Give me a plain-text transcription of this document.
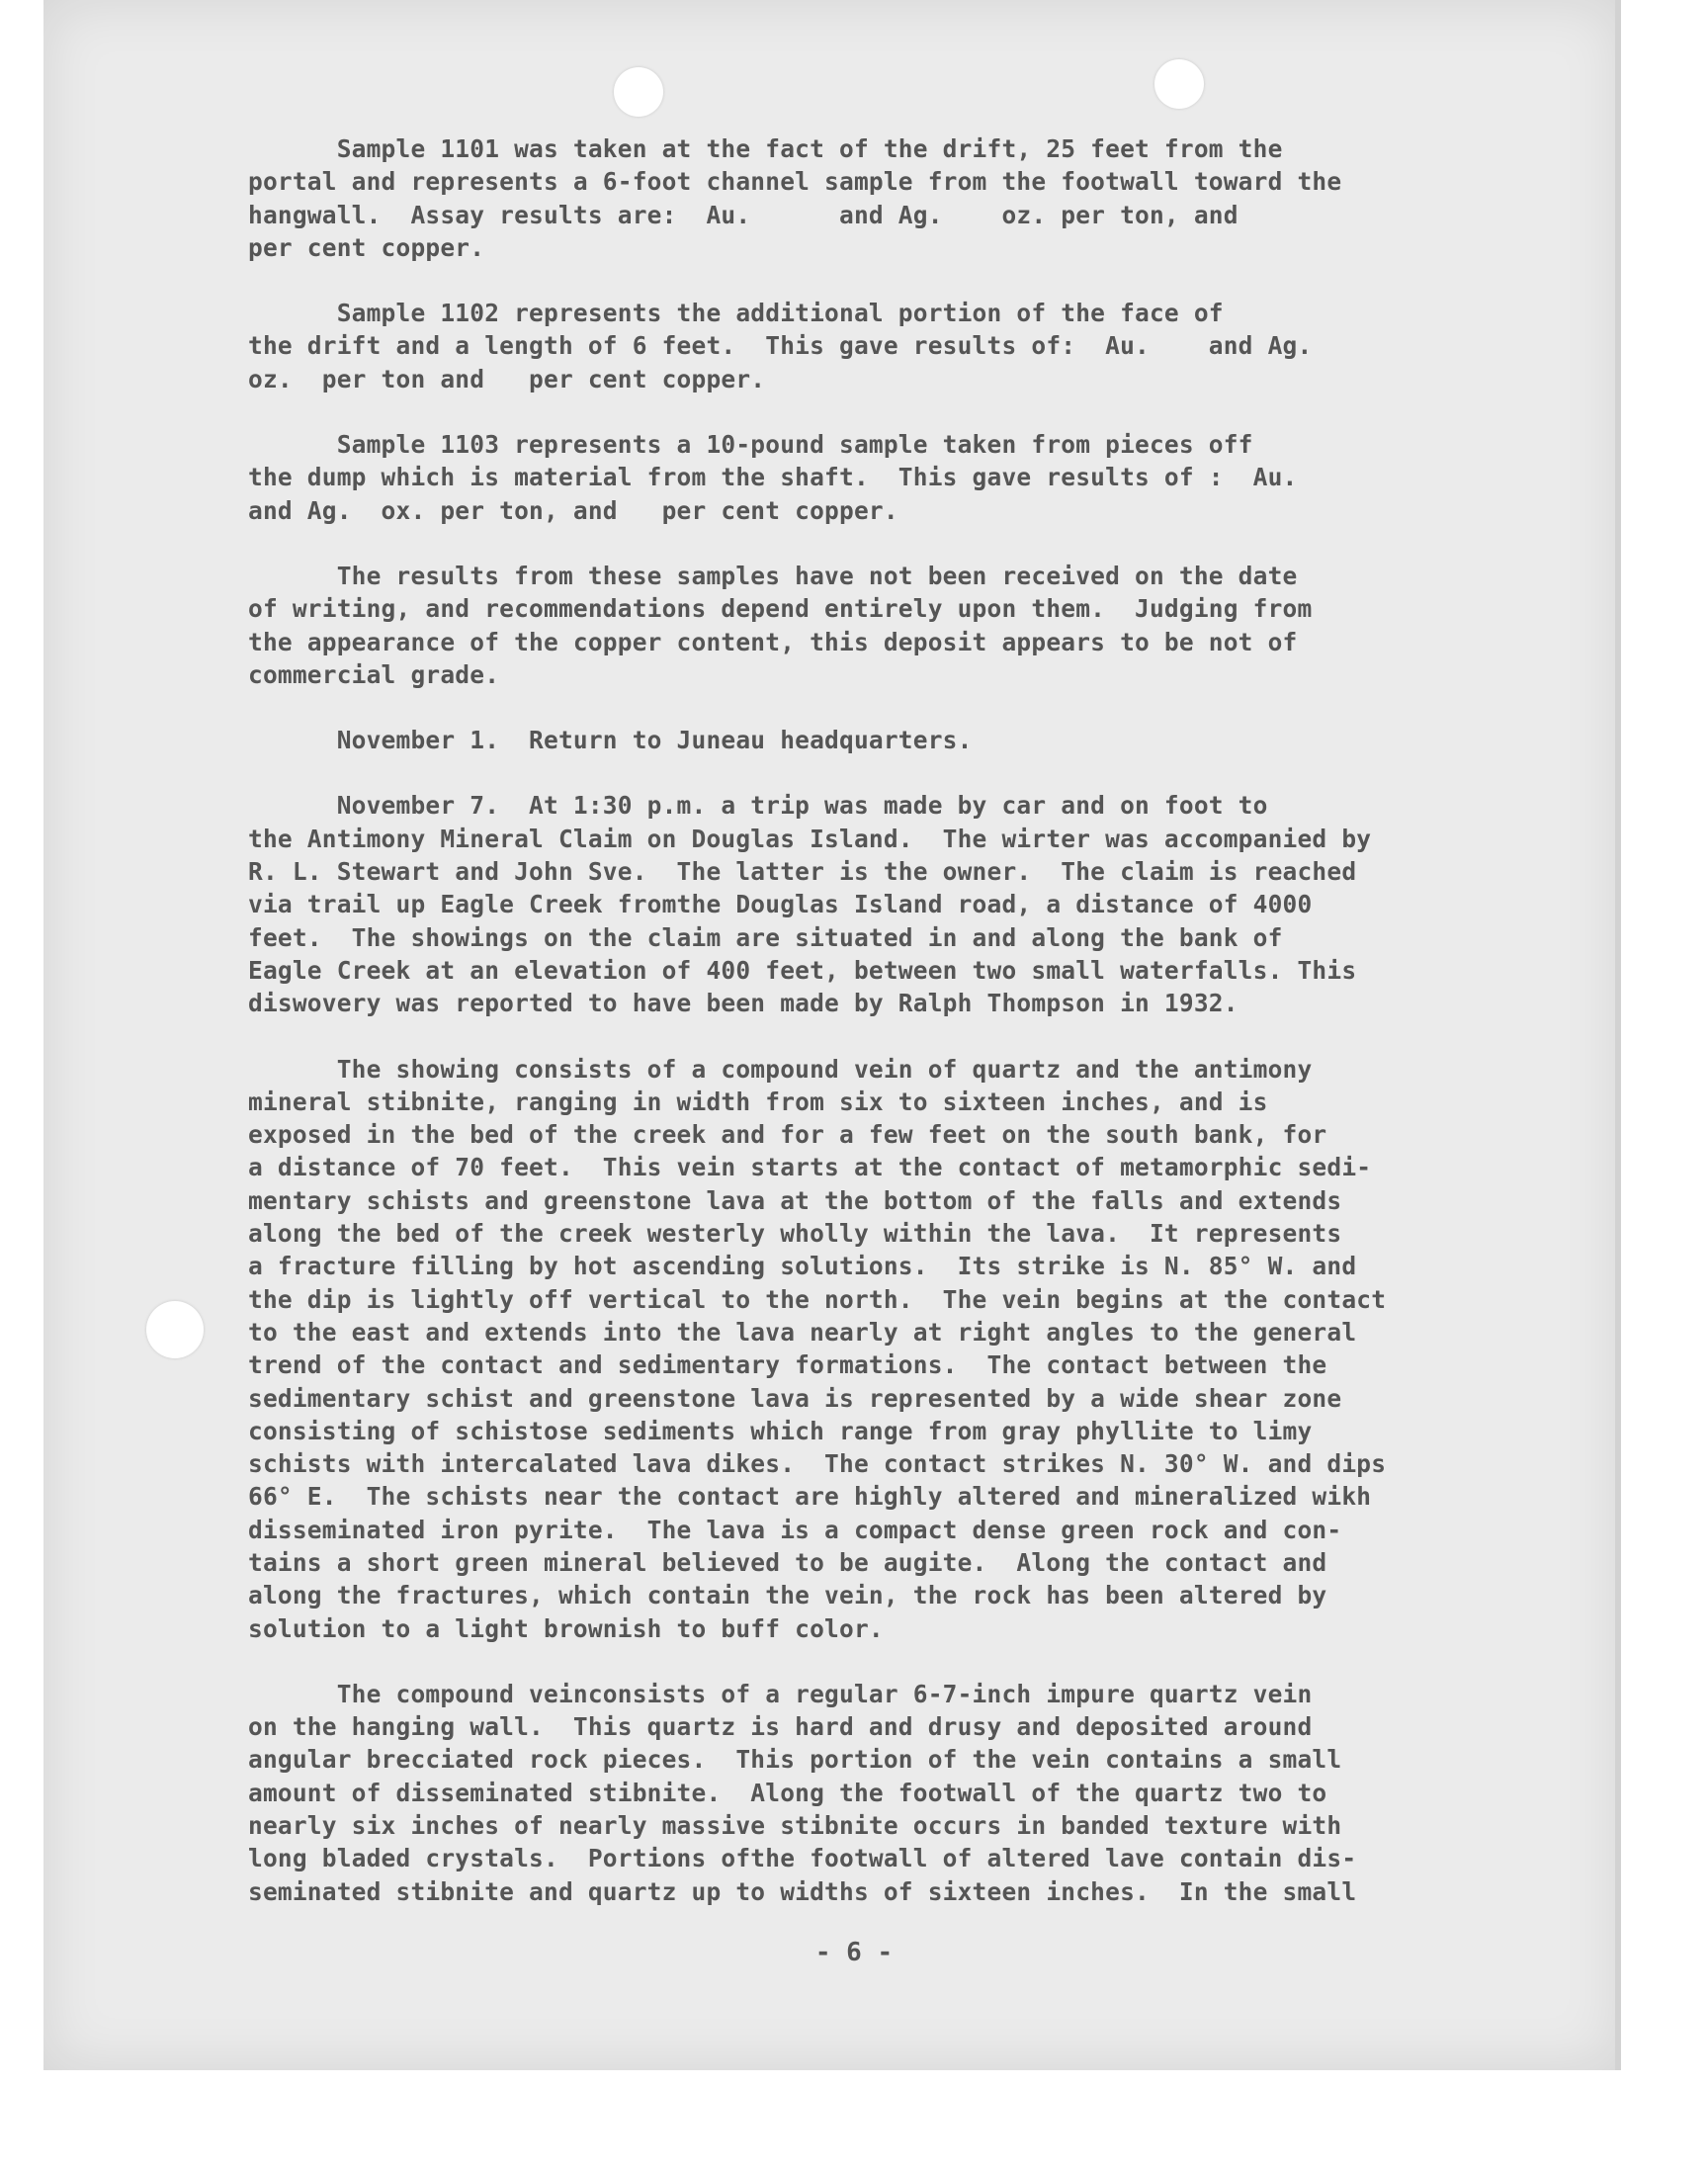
Sample 1101 was taken at the fact of the drift, 25 feet from the
portal and represents a 6-foot channel sample from the footwall toward the
hangwall.  Assay results are:  Au.      and Ag.    oz. per ton, and
per cent copper.
Sample 1102 represents the additional portion of the face of
the drift and a length of 6 feet.  This gave results of:  Au.    and Ag.
oz.  per ton and   per cent copper.
Sample 1103 represents a 10-pound sample taken from pieces off
the dump which is material from the shaft.  This gave results of :  Au.
and Ag.  ox. per ton, and   per cent copper.
The results from these samples have not been received on the date
of writing, and recommendations depend entirely upon them.  Judging from
the appearance of the copper content, this deposit appears to be not of
commercial grade.
November 1.  Return to Juneau headquarters.
November 7.  At 1:30 p.m. a trip was made by car and on foot to
the Antimony Mineral Claim on Douglas Island.  The wirter was accompanied by
R. L. Stewart and John Sve.  The latter is the owner.  The claim is reached
via trail up Eagle Creek fromthe Douglas Island road, a distance of 4000
feet.  The showings on the claim are situated in and along the bank of
Eagle Creek at an elevation of 400 feet, between two small waterfalls. This
diswovery was reported to have been made by Ralph Thompson in 1932.
The showing consists of a compound vein of quartz and the antimony
mineral stibnite, ranging in width from six to sixteen inches, and is
exposed in the bed of the creek and for a few feet on the south bank, for
a distance of 70 feet.  This vein starts at the contact of metamorphic sedi-
mentary schists and greenstone lava at the bottom of the falls and extends
along the bed of the creek westerly wholly within the lava.  It represents
a fracture filling by hot ascending solutions.  Its strike is N. 85° W. and
the dip is lightly off vertical to the north.  The vein begins at the contact
to the east and extends into the lava nearly at right angles to the general
trend of the contact and sedimentary formations.  The contact between the
sedimentary schist and greenstone lava is represented by a wide shear zone
consisting of schistose sediments which range from gray phyllite to limy
schists with intercalated lava dikes.  The contact strikes N. 30° W. and dips
66° E.  The schists near the contact are highly altered and mineralized wikh
disseminated iron pyrite.  The lava is a compact dense green rock and con-
tains a short green mineral believed to be augite.  Along the contact and
along the fractures, which contain the vein, the rock has been altered by
solution to a light brownish to buff color.
The compound veinconsists of a regular 6-7-inch impure quartz vein
on the hanging wall.  This quartz is hard and drusy and deposited around
angular brecciated rock pieces.  This portion of the vein contains a small
amount of disseminated stibnite.  Along the footwall of the quartz two to
nearly six inches of nearly massive stibnite occurs in banded texture with
long bladed crystals.  Portions ofthe footwall of altered lave contain dis-
seminated stibnite and quartz up to widths of sixteen inches.  In the small
- 6 -
